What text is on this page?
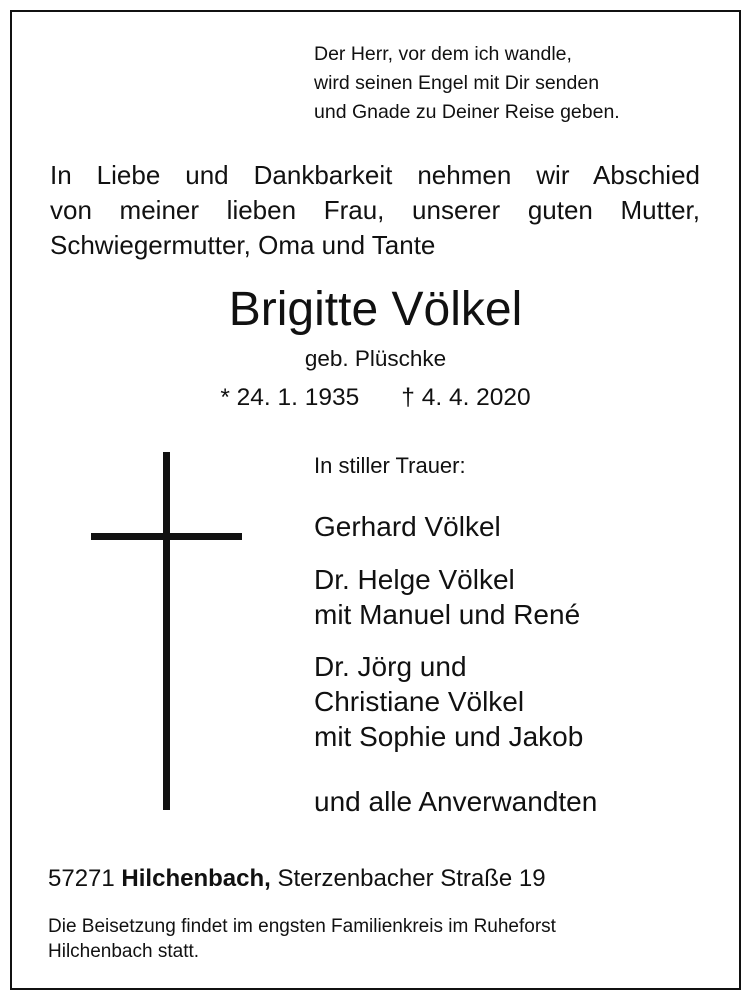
Der Herr, vor dem ich wandle,
wird seinen Engel mit Dir senden
und Gnade zu Deiner Reise geben.
In Liebe und Dankbarkeit nehmen wir Abschied
von meiner lieben Frau, unserer guten Mutter,
Schwiegermutter, Oma und Tante
Brigitte Völkel
geb. Plüschke
* 24. 1. 1935 † 4. 4. 2020
In stiller Trauer:
Gerhard Völkel
Dr. Helge Völkel
mit Manuel und René
Dr. Jörg und
Christiane Völkel
mit Sophie und Jakob
und alle Anverwandten
57271 Hilchenbach, Sterzenbacher Straße 19
Die Beisetzung findet im engsten Familienkreis im Ruheforst
Hilchenbach statt.
